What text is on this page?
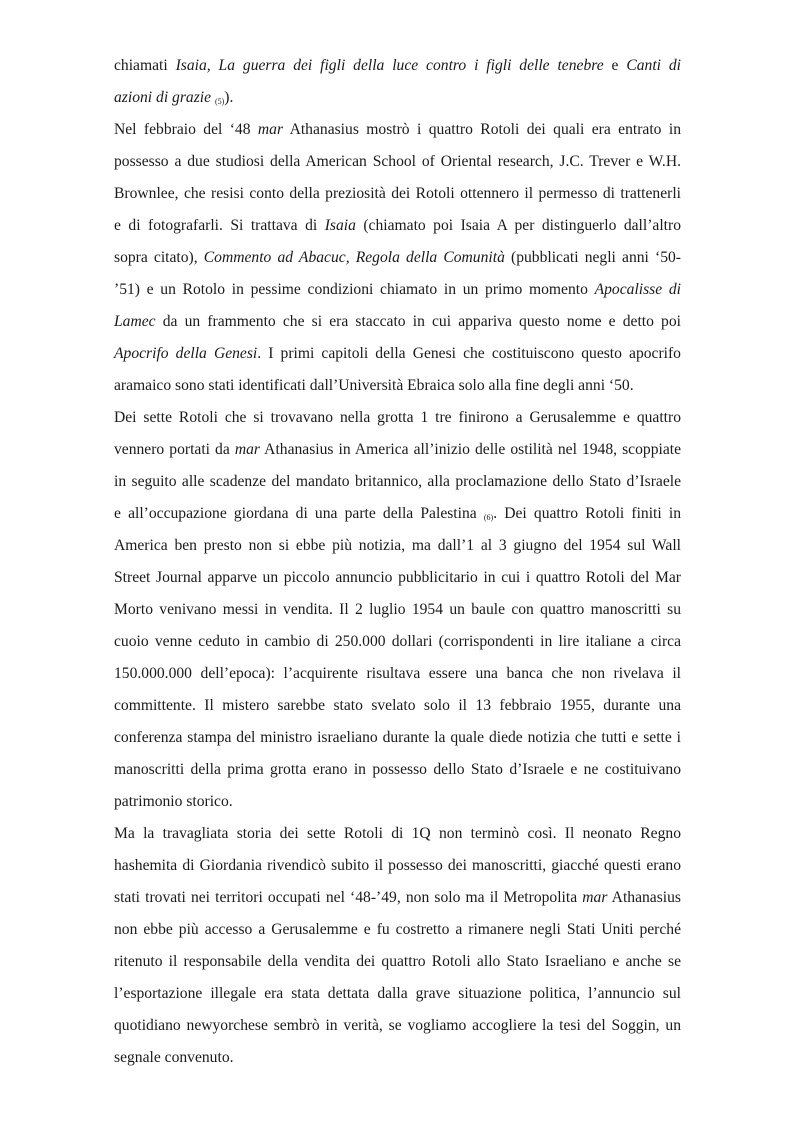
chiamati Isaia, La guerra dei figli della luce contro i figli delle tenebre e Canti di
azioni di grazie (5)).
Nel febbraio del ‘48 mar Athanasius mostrò i quattro Rotoli dei quali era entrato in
possesso a due studiosi della American School of Oriental research, J.C. Trever e W.H.
Brownlee, che resisi conto della preziosità dei Rotoli ottennero il permesso di trattenerli
e di fotografarli. Si trattava di Isaia (chiamato poi Isaia A per distinguerlo dall’altro
sopra citato), Commento ad Abacuc, Regola della Comunità (pubblicati negli anni ‘50-
’51) e un Rotolo in pessime condizioni chiamato in un primo momento Apocalisse di
Lamec da un frammento che si era staccato in cui appariva questo nome e detto poi
Apocrifo della Genesi. I primi capitoli della Genesi che costituiscono questo apocrifo
aramaico sono stati identificati dall’Università Ebraica solo alla fine degli anni ‘50.
Dei sette Rotoli che si trovavano nella grotta 1 tre finirono a Gerusalemme e quattro
vennero portati da mar Athanasius in America all’inizio delle ostilità nel 1948, scoppiate
in seguito alle scadenze del mandato britannico, alla proclamazione dello Stato d’Israele
e all’occupazione giordana di una parte della Palestina (6). Dei quattro Rotoli finiti in
America ben presto non si ebbe più notizia, ma dall’1 al 3 giugno del 1954 sul Wall
Street Journal apparve un piccolo annuncio pubblicitario in cui i quattro Rotoli del Mar
Morto venivano messi in vendita. Il 2 luglio 1954 un baule con quattro manoscritti su
cuoio venne ceduto in cambio di 250.000 dollari (corrispondenti in lire italiane a circa
150.000.000 dell’epoca): l’acquirente risultava essere una banca che non rivelava il
committente. Il mistero sarebbe stato svelato solo il 13 febbraio 1955, durante una
conferenza stampa del ministro israeliano durante la quale diede notizia che tutti e sette i
manoscritti della prima grotta erano in possesso dello Stato d’Israele e ne costituivano
patrimonio storico.
Ma la travagliata storia dei sette Rotoli di 1Q non terminò così. Il neonato Regno
hashemita di Giordania rivendicò subito il possesso dei manoscritti, giacché questi erano
stati trovati nei territori occupati nel ‘48-’49, non solo ma il Metropolita mar Athanasius
non ebbe più accesso a Gerusalemme e fu costretto a rimanere negli Stati Uniti perché
ritenuto il responsabile della vendita dei quattro Rotoli allo Stato Israeliano e anche se
l’esportazione illegale era stata dettata dalla grave situazione politica, l’annuncio sul
quotidiano newyorchese sembrò in verità, se vogliamo accogliere la tesi del Soggin, un
segnale convenuto.
